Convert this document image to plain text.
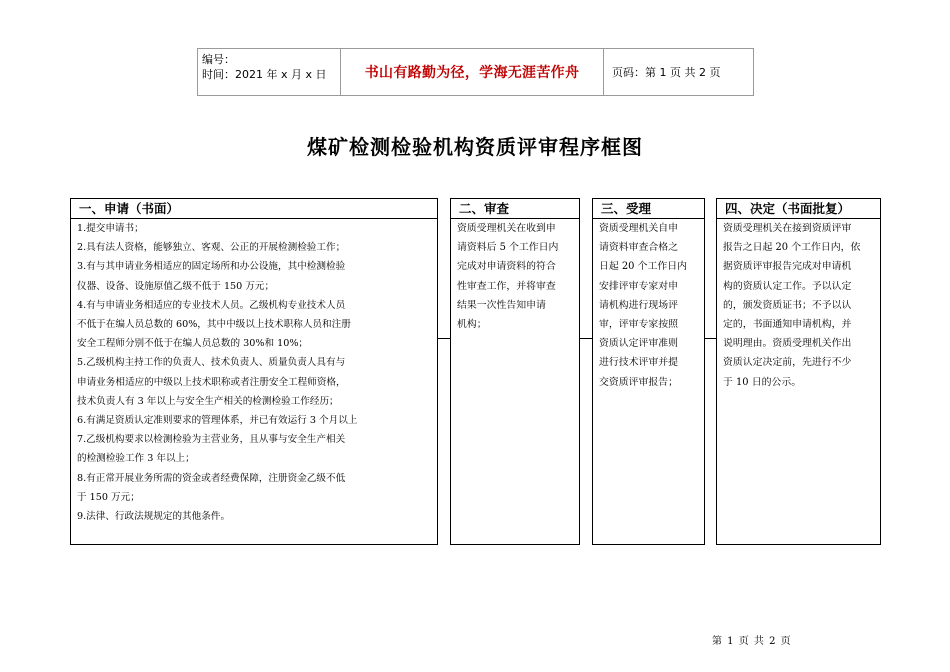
编号：
时间：2021 年 x 月 x 日	书山有路勤为径，学海无涯苦作舟	页码：第 1 页 共 2 页
煤矿检测检验机构资质评审程序框图
一、申请（书面）
1.提交申请书；
2.具有法人资格，能够独立、客观、公正的开展检测检验工作；
3.有与其申请业务相适应的固定场所和办公设施，其中检测检验
仪器、设备、设施原值乙级不低于 150 万元；
4.有与申请业务相适应的专业技术人员。乙级机构专业技术人员
不低于在编人员总数的 60%，其中中级以上技术职称人员和注册
安全工程师分别不低于在编人员总数的 30%和 10%；
5.乙级机构主持工作的负责人、技术负责人、质量负责人具有与
申请业务相适应的中级以上技术职称或者注册安全工程师资格，
技术负责人有 3 年以上与安全生产相关的检测检验工作经历；
6.有满足资质认定准则要求的管理体系，并已有效运行 3 个月以上
7.乙级机构要求以检测检验为主营业务，且从事与安全生产相关
的检测检验工作 3 年以上；
8.有正常开展业务所需的资金或者经费保障，注册资金乙级不低
于 150 万元；
9.法律、行政法规规定的其他条件。
二、审查
资质受理机关在收到申
请资料后 5 个工作日内
完成对申请资料的符合
性审查工作，并将审查
结果一次性告知申请
机构；
三、受理
资质受理机关自申
请资料审查合格之
日起 20 个工作日内
安排评审专家对申
请机构进行现场评
审，评审专家按照
资质认定评审准则
进行技术评审并提
交资质评审报告；
四、决定（书面批复）
资质受理机关在接到资质评审
报告之日起 20 个工作日内，依
据资质评审报告完成对申请机
构的资质认定工作。予以认定
的，颁发资质证书；不予以认
定的，书面通知申请机构，并
说明理由。资质受理机关作出
资质认定决定前，先进行不少
于 10 日的公示。
第 1 页 共 2 页
